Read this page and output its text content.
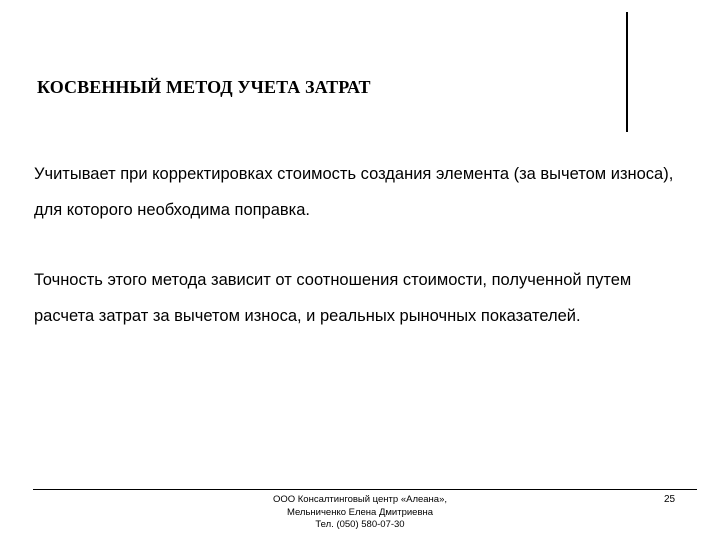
КОСВЕННЫЙ МЕТОД УЧЕТА ЗАТРАТ
Учитывает при корректировках стоимость создания элемента (за вычетом износа), для которого необходима поправка.
Точность этого метода зависит от соотношения стоимости, полученной путем расчета затрат за вычетом износа, и реальных рыночных показателей.
ООО Консалтинговый центр «Алеана»,
Мельниченко Елена Дмитриевна
Тел. (050) 580-07-30
25
